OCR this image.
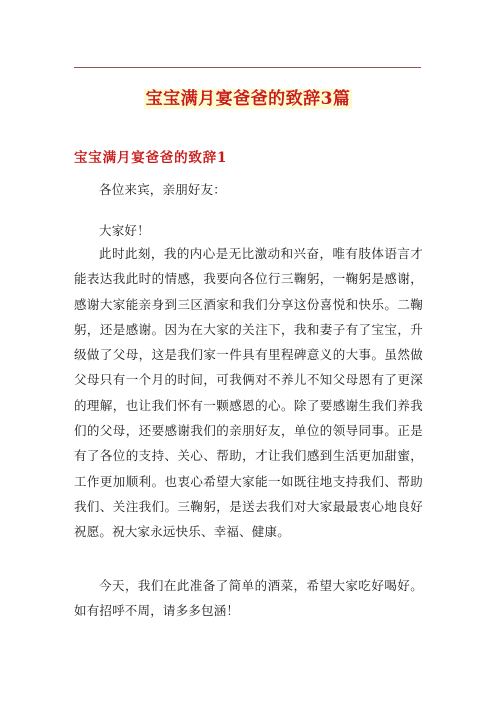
宝宝满月宴爸爸的致辞3篇
宝宝满月宴爸爸的致辞1

各位来宾，亲朋好友：

大家好！

此时此刻，我的内心是无比激动和兴奋，唯有肢体语言才能表达我此时的情感，我要向各位行三鞠躬，一鞠躬是感谢，感谢大家能亲身到三区酒家和我们分享这份喜悦和快乐。二鞠躬，还是感谢。因为在大家的关注下，我和妻子有了宝宝，升级做了父母，这是我们家一件具有里程碑意义的大事。虽然做父母只有一个月的时间，可我俩对不养儿不知父母恩有了更深的理解，也让我们怀有一颗感恩的心。除了要感谢生我们养我们的父母，还要感谢我们的亲朋好友，单位的领导同事。正是有了各位的支持、关心、帮助，才让我们感到生活更加甜蜜，工作更加顺利。也衷心希望大家能一如既往地支持我们、帮助我们、关注我们。三鞠躬，是送去我们对大家最最衷心地良好祝愿。祝大家永远快乐、幸福、健康。

今天，我们在此准备了简单的酒菜，希望大家吃好喝好。如有招呼不周，请多多包涵！
